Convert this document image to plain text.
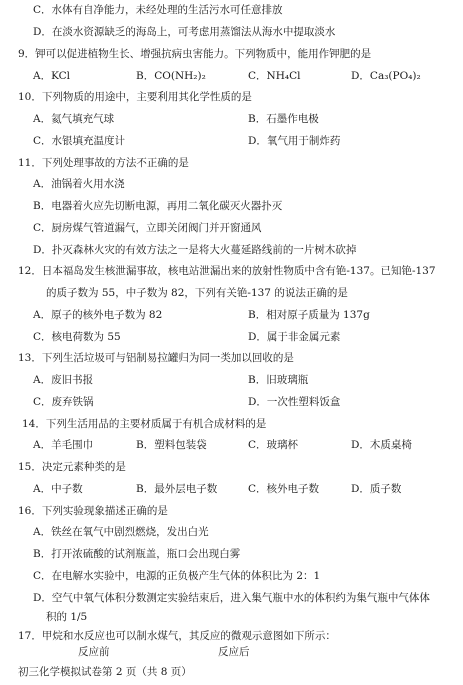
C．水体有自净能力，未经处理的生活污水可任意排放
D．在淡水资源缺乏的海岛上，可考虑用蒸馏法从海水中提取淡水
9．钾可以促进植物生长、增强抗病虫害能力。下列物质中，能用作钾肥的是
A．KCl	B．CO(NH₂)₂	C．NH₄Cl	D．Ca₃(PO₄)₂
10．下列物质的用途中，主要利用其化学性质的是
A．氦气填充气球	B．石墨作电极
C．水银填充温度计	D．氧气用于制炸药
11．下列处理事故的方法不正确的是
A．油锅着火用水浇
B．电器着火应先切断电源，再用二氧化碳灭火器扑灭
C．厨房煤气管道漏气，立即关闭阀门并开窗通风
D．扑灭森林火灾的有效方法之一是将大火蔓延路线前的一片树木砍掉
12．日本福岛发生核泄漏事故，核电站泄漏出来的放射性物质中含有铯-137。已知铯-137
的质子数为 55，中子数为 82，下列有关铯-137 的说法正确的是
A．原子的核外电子数为 82	B．相对原子质量为 137g
C．核电荷数为 55	D．属于非金属元素
13．下列生活垃圾可与铝制易拉罐归为同一类加以回收的是
A．废旧书报	B．旧玻璃瓶
C．废弃铁锅	D．一次性塑料饭盒
14．下列生活用品的主要材质属于有机合成材料的是
A．羊毛围巾	B．塑料包装袋	C．玻璃杯	D．木质桌椅
15．决定元素种类的是
A．中子数	B．最外层电子数	C．核外电子数	D．质子数
16．下列实验现象描述正确的是
A．铁丝在氧气中剧烈燃烧，发出白光
B．打开浓硫酸的试剂瓶盖，瓶口会出现白雾
C．在电解水实验中，电源的正负极产生气体的体积比为 2：1
D．空气中氧气体积分数测定实验结束后，进入集气瓶中水的体积约为集气瓶中气体体
积的 1/5
17．甲烷和水反应也可以制水煤气，其反应的微观示意图如下所示：
反应前	反应后
初三化学模拟试卷第 2 页（共 8 页）
